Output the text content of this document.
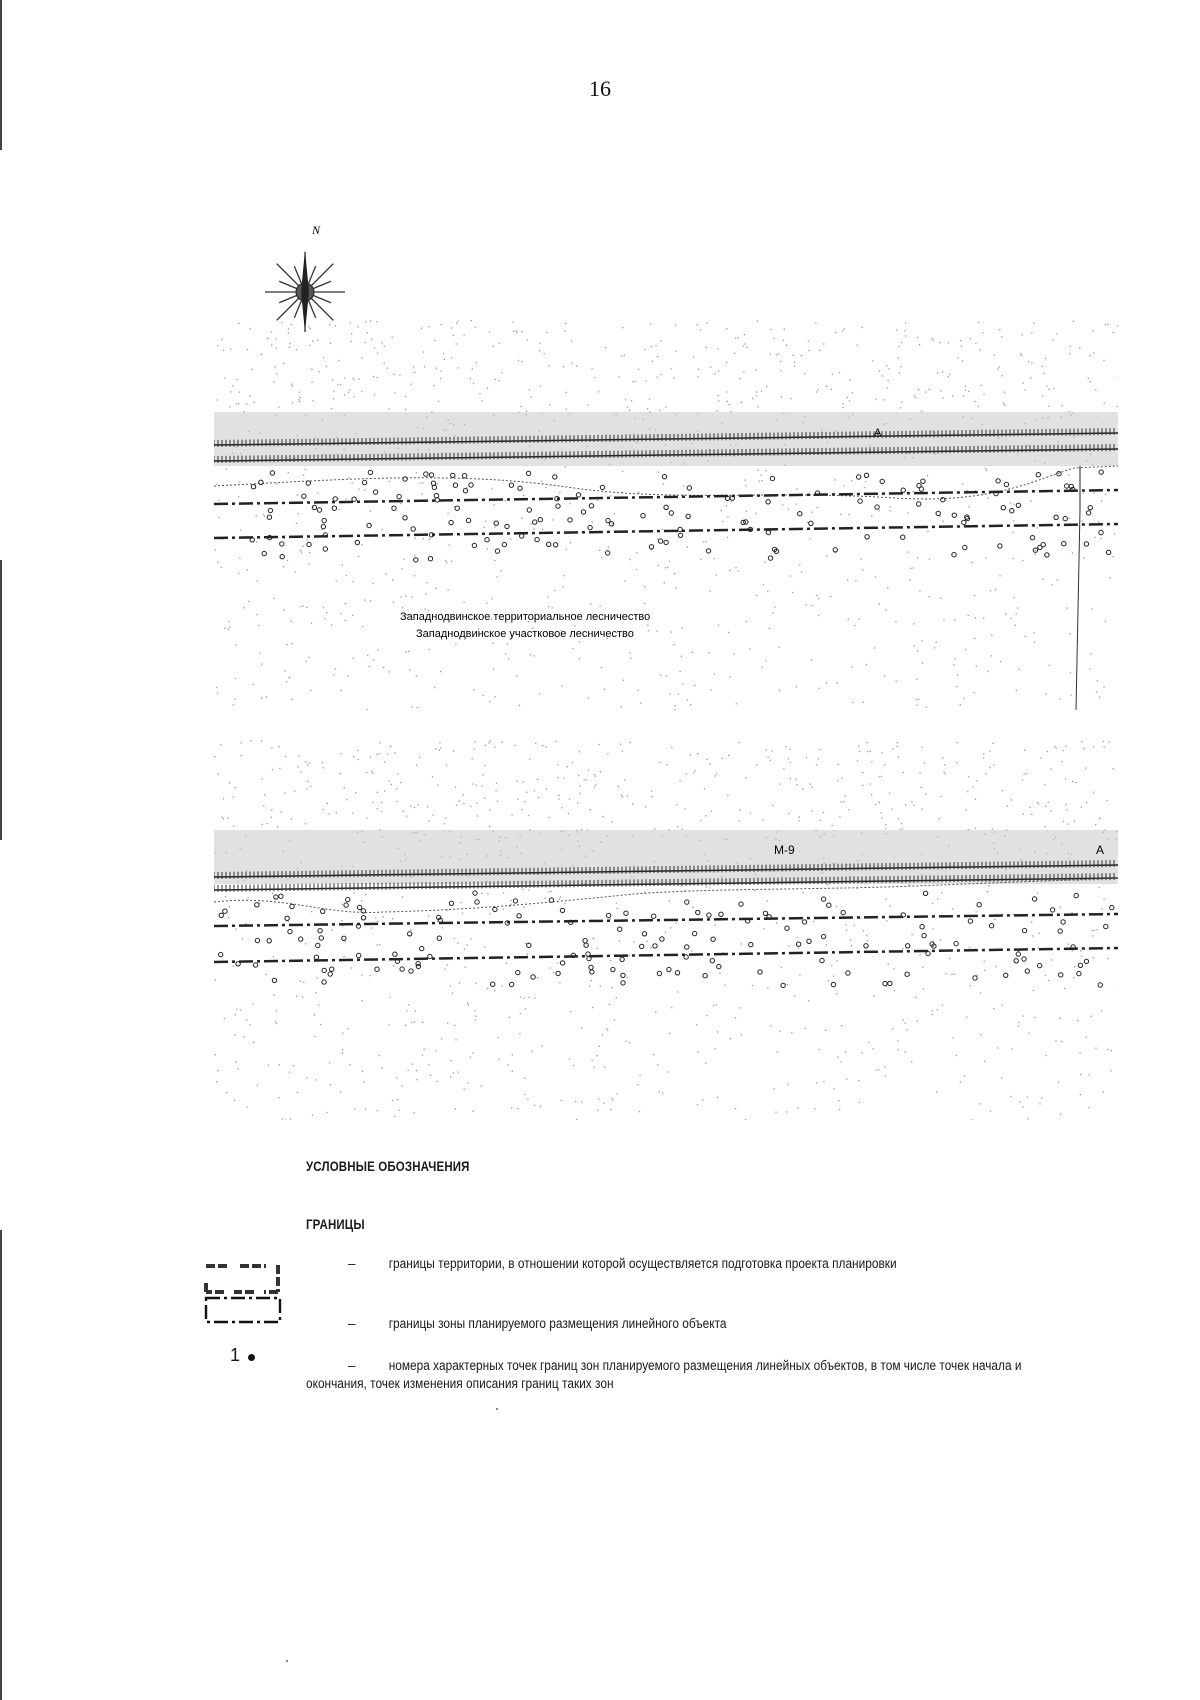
16
N
А
Западнодвинское территориальное лесничество
Западнодвинское участковое лесничество
М-9	А
УСЛОВНЫЕ ОБОЗНАЧЕНИЯ
ГРАНИЦЫ
–	границы территории, в отношении которой осуществляется подготовка проекта планировки
–	границы зоны планируемого размещения линейного объекта
1
–	номера характерных точек границ зон планируемого размещения линейных объектов, в том числе точек начала и окончания, точек изменения описания границ таких зон
